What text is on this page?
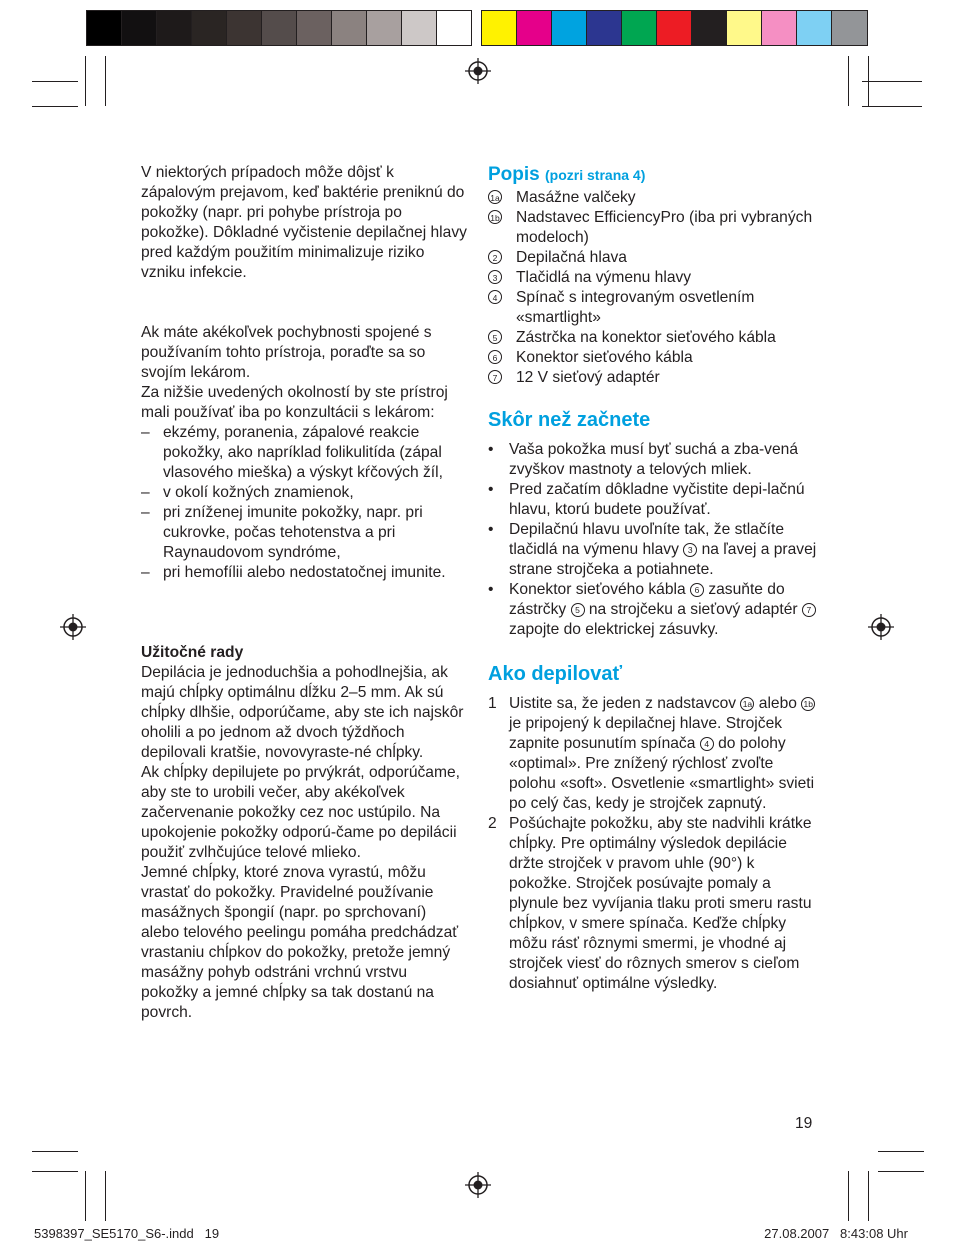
V niektorých prípadoch môže dôjsť k zápalovým prejavom, keď baktérie preniknú do pokožky (napr. pri pohybe prístroja po pokožke). Dôkladné vyčistenie depilačnej hlavy pred každým použitím minimalizuje riziko vzniku infekcie.

Ak máte akékoľvek pochybnosti spojené s používaním tohto prístroja, poraďte sa so svojím lekárom.

Za nižšie uvedených okolností by ste prístroj mali používať iba po konzultácii s lekárom:

– ekzémy, poranenia, zápalové reakcie pokožky, ako napríklad folikulitída (zápal vlasového mieška) a výskyt kŕčových žíl,
– v okolí kožných znamienok,
– pri zníženej imunite pokožky, napr. pri cukrovke, počas tehotenstva a pri Raynaudovom syndróme,
– pri hemofílii alebo nedostatočnej imunite.

Užitočné rady

Depilácia je jednoduchšia a pohodlnejšia, ak majú chĺpky optimálnu dĺžku 2–5 mm. Ak sú chĺpky dlhšie, odporúčame, aby ste ich najskôr oholili a po jednom až dvoch týždňoch depilovali kratšie, novovyraste-né chĺpky.

Ak chĺpky depilujete po prvýkrát, odporúčame, aby ste to urobili večer, aby akékoľvek začervenanie pokožky cez noc ustúpilo. Na upokojenie pokožky odporú-čame po depilácii použiť zvlhčujúce telové mlieko.

Jemné chĺpky, ktoré znova vyrastú, môžu vrastať do pokožky. Pravidelné používanie masážnych špongií (napr. po sprchovaní) alebo telového peelingu pomáha predchádzať vrastaniu chĺpkov do pokožky, pretože jemný masážny pohyb odstráni vrchnú vrstvu pokožky a jemné chĺpky sa tak dostanú na povrch.

Popis (pozri strana 4)
1a Masážne valčeky
1b Nadstavec EfficiencyPro (iba pri vybraných modeloch)
2 Depilačná hlava
3 Tlačidlá na výmenu hlavy
4 Spínač s integrovaným osvetlením «smartlight»
5 Zástrčka na konektor sieťového kábla
6 Konektor sieťového kábla
7 12 V sieťový adaptér
Skôr než začnete
• Vaša pokožka musí byť suchá a zba-vená zvyškov mastnoty a telových mliek.
• Pred začatím dôkladne vyčistite depi-lačnú hlavu, ktorú budete používať.
• Depilačnú hlavu uvoľníte tak, že stlačíte tlačidlá na výmenu hlavy 3 na ľavej a pravej strane strojčeka a potiahnete.
• Konektor sieťového kábla 6 zasuňte do zástrčky 5 na strojčeku a sieťový adaptér 7 zapojte do elektrickej zásuvky.
Ako depilovať
1 Uistite sa, že jeden z nadstavcov 1a alebo 1b je pripojený k depilačnej hlave. Strojček zapnite posunutím spínača 4 do polohy «optimal». Pre znížený rýchlosť zvoľte polohu «soft». Osvetlenie «smartlight» svieti po celý čas, kedy je strojček zapnutý.
2 Pošúchajte pokožku, aby ste nadvihli krátke chĺpky. Pre optimálny výsledok depilácie držte strojček v pravom uhle (90°) k pokožke. Strojček posúvajte pomaly a plynule bez vyvíjania tlaku proti smeru rastu chĺpkov, v smere spínača. Keďže chĺpky môžu rásť rôznymi smermi, je vhodné aj strojček viesť do rôznych smerov s cieľom dosiahnuť optimálne výsledky.
19
5398397_SE5170_S6-.indd   19	27.08.2007   8:43:08 Uhr
